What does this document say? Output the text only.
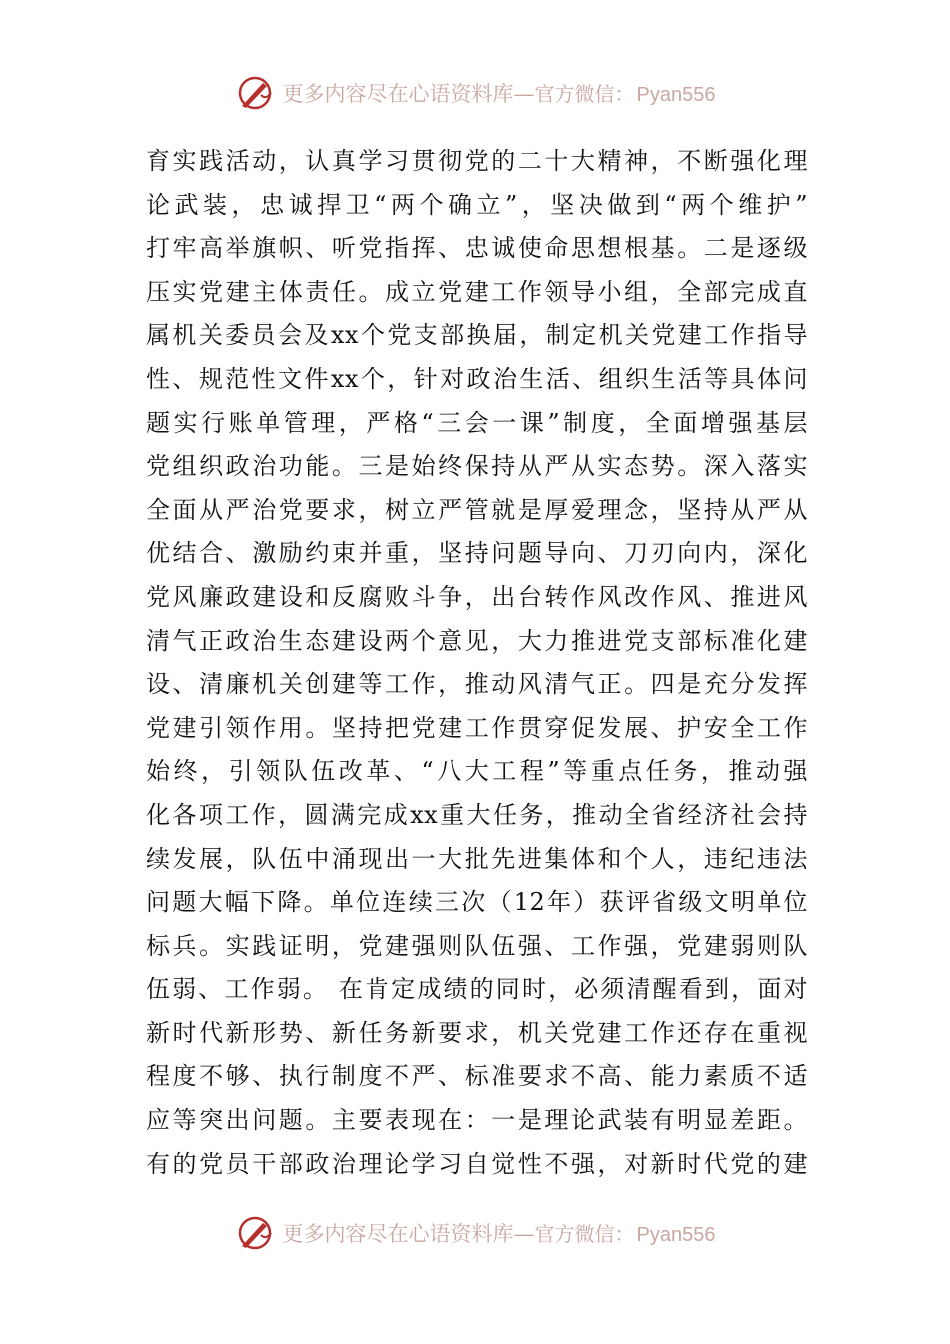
更多内容尽在心语资料库 — 官方微信： Pyan556
育实践活动，认真学习贯彻党的二十大精神，不断强化理
论武装，忠诚捍卫“两个确立”，坚决做到“两个维护”
打牢高举旗帜、听党指挥、忠诚使命思想根基。二是逐级
压实党建主体责任。成立党建工作领导小组，全部完成直
属机关委员会及xx个党支部换届，制定机关党建工作指导
性、规范性文件xx个，针对政治生活、组织生活等具体问
题实行账单管理，严格“三会一课”制度，全面增强基层
党组织政治功能。三是始终保持从严从实态势。深入落实
全面从严治党要求，树立严管就是厚爱理念，坚持从严从
优结合、激励约束并重，坚持问题导向、刀刃向内，深化
党风廉政建设和反腐败斗争，出台转作风改作风、推进风
清气正政治生态建设两个意见，大力推进党支部标准化建
设、清廉机关创建等工作，推动风清气正。四是充分发挥
党建引领作用。坚持把党建工作贯穿促发展、护安全工作
始终，引领队伍改革、“八大工程”等重点任务，推动强
化各项工作，圆满完成xx重大任务，推动全省经济社会持
续发展，队伍中涌现出一大批先进集体和个人，违纪违法
问题大幅下降。单位连续三次（12年）获评省级文明单位
标兵。实践证明，党建强则队伍强、工作强，党建弱则队
伍弱、工作弱。 在肯定成绩的同时，必须清醒看到，面对
新时代新形势、新任务新要求，机关党建工作还存在重视
程度不够、执行制度不严、标准要求不高、能力素质不适
应等突出问题。主要表现在：一是理论武装有明显差距。
有的党员干部政治理论学习自觉性不强，对新时代党的建
更多内容尽在心语资料库 — 官方微信： Pyan556
